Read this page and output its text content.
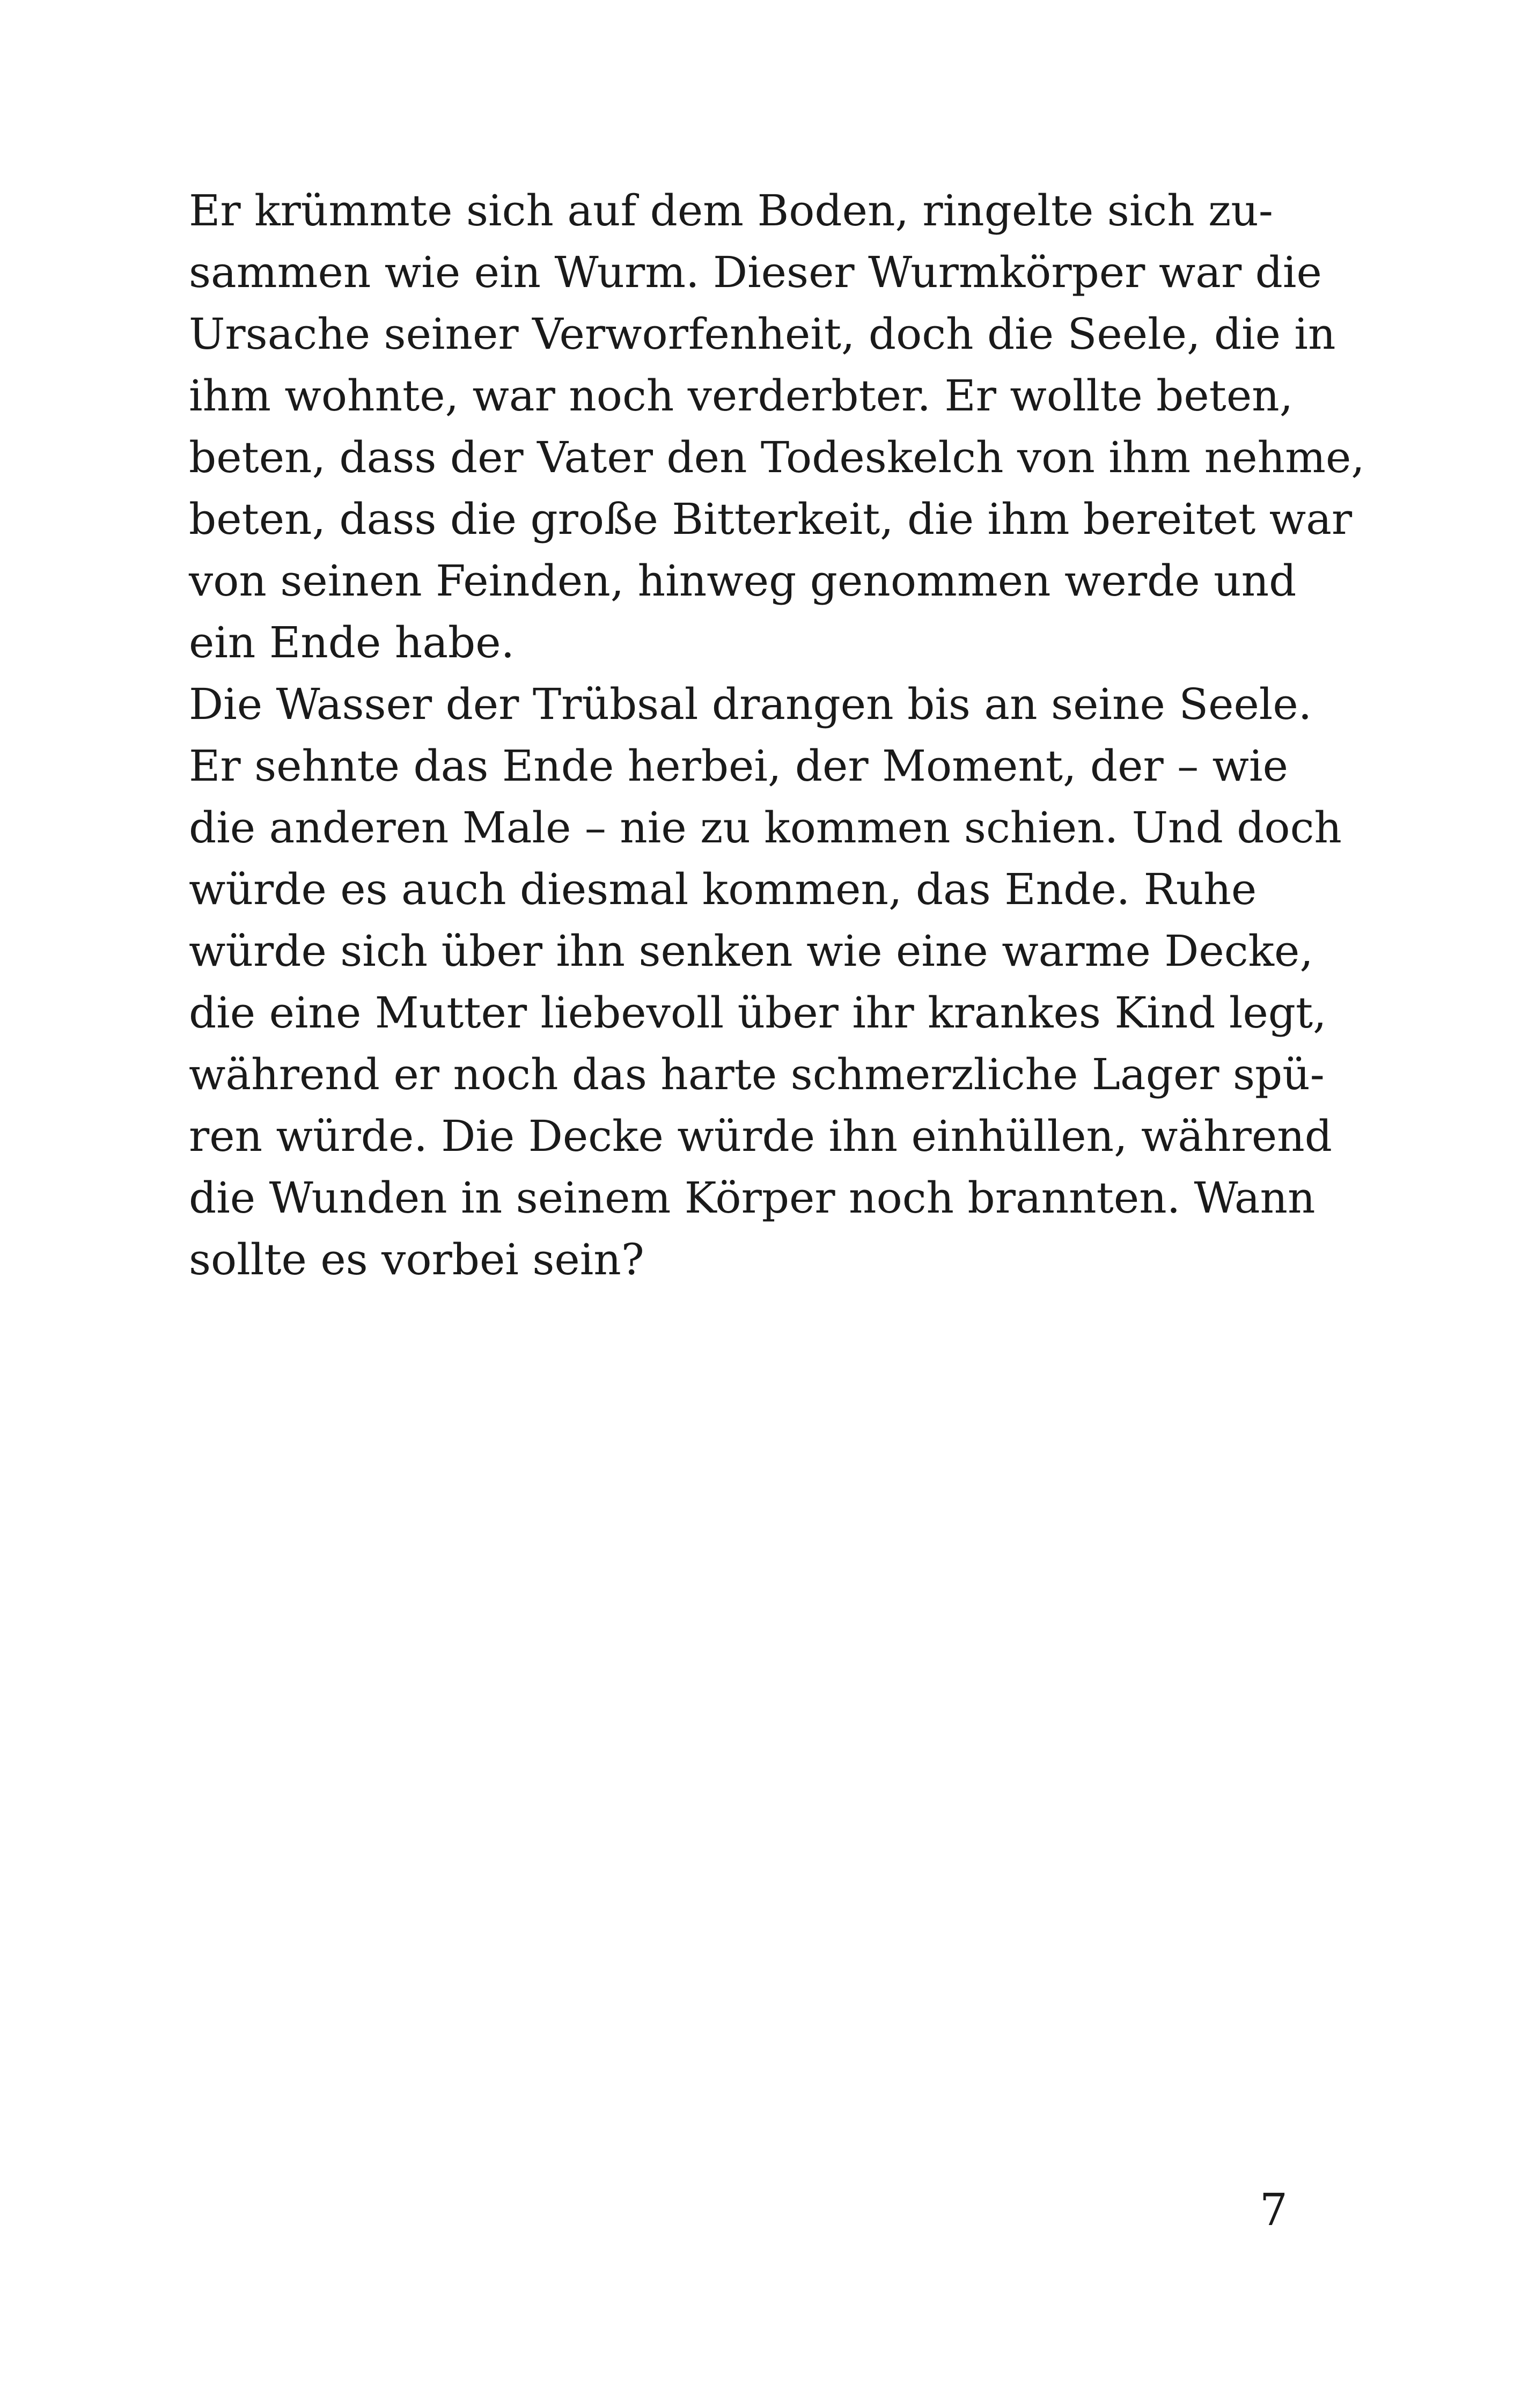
Er krümmte sich auf dem Boden, ringelte sich zu-
sammen wie ein Wurm. Dieser Wurmkörper war die
Ursache seiner Verworfenheit, doch die Seele, die in
ihm wohnte, war noch verderbter. Er wollte beten,
beten, dass der Vater den Todeskelch von ihm nehme,
beten, dass die große Bitterkeit, die ihm bereitet war
von seinen Feinden, hinweg genommen werde und
ein Ende habe.
Die Wasser der Trübsal drangen bis an seine Seele.
Er sehnte das Ende herbei, der Moment, der – wie
die anderen Male – nie zu kommen schien. Und doch
würde es auch diesmal kommen, das Ende. Ruhe
würde sich über ihn senken wie eine warme Decke,
die eine Mutter liebevoll über ihr krankes Kind legt,
während er noch das harte schmerzliche Lager spü-
ren würde. Die Decke würde ihn einhüllen, während
die Wunden in seinem Körper noch brannten. Wann
sollte es vorbei sein?
7
